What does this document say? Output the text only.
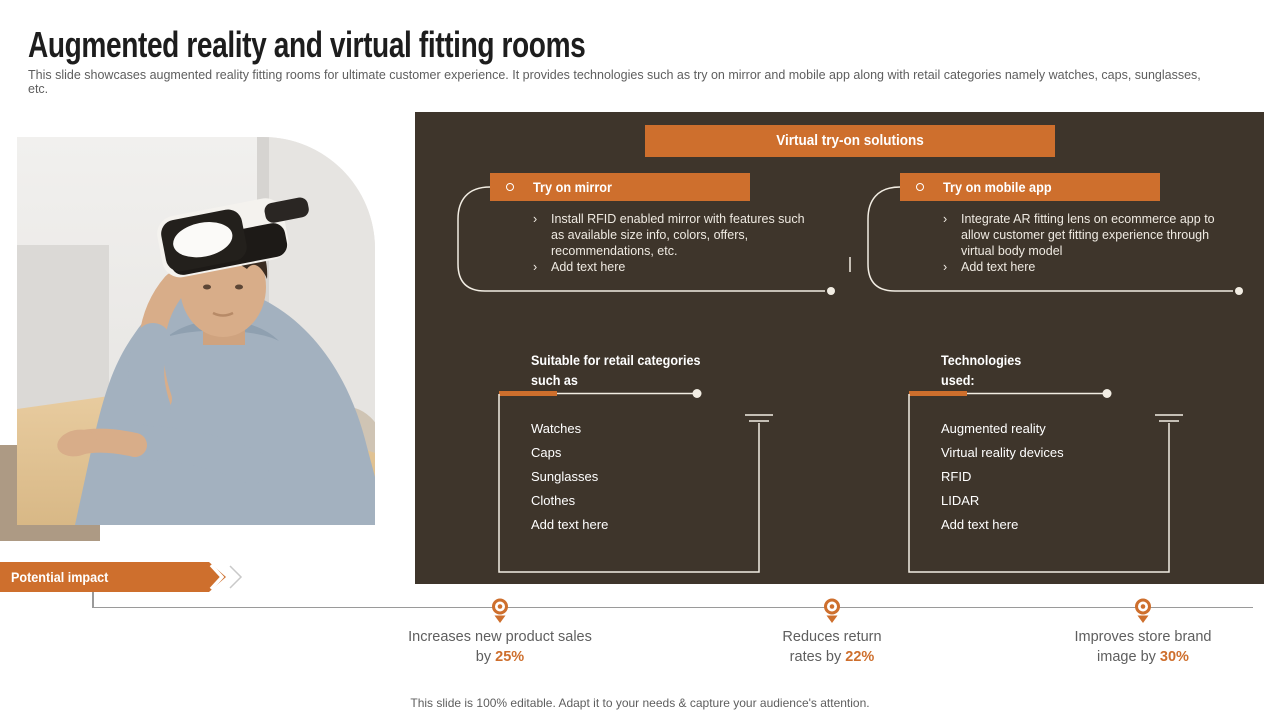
Augmented reality and virtual fitting rooms

This slide showcases augmented reality fitting rooms for ultimate customer experience. It provides technologies such as try on mirror and mobile app along with retail categories namely watches, caps, sunglasses, etc.

Virtual try-on solutions
Try on mirror
›	Install RFID enabled mirror with features such as available size info, colors, offers, recommendations, etc.
›	Add text here
Suitable for retail categories such as
Watches
Caps
Sunglasses
Clothes
Add text here
Try on mobile app
›	Integrate AR fitting lens on ecommerce app to allow customer get fitting experience through virtual body model
›	Add text here
Technologies used:
Augmented reality
Virtual reality devices
RFID
LIDAR
Add text here
Potential impact
Increases new product sales
by 25%
Reduces return
rates by 22%
Improves store brand
image by 30%
This slide is 100% editable. Adapt it to your needs & capture your audience's attention.
